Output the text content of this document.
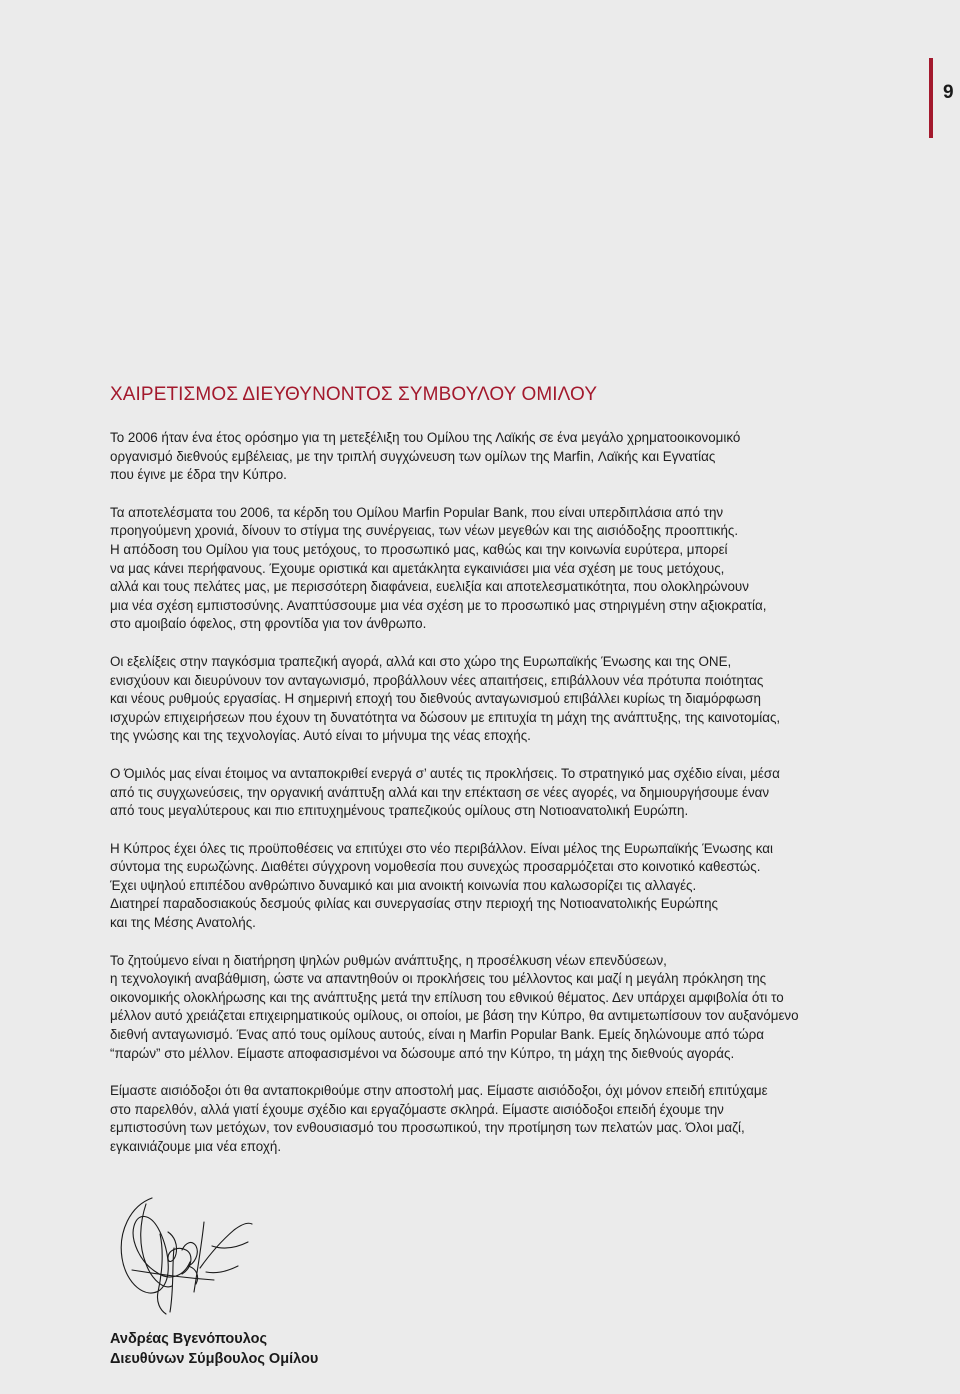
9
ΧΑΙΡΕΤΙΣΜΟΣ ΔΙΕΥΘΥΝΟΝΤΟΣ ΣΥΜΒΟΥΛΟΥ ΟΜΙΛΟΥ

Το 2006 ήταν ένα έτος ορόσημο για τη μετεξέλιξη του Ομίλου της Λαϊκής σε ένα μεγάλο χρηματοοικονομικό
οργανισμό διεθνούς εμβέλειας, με την τριπλή συγχώνευση των ομίλων της Marfin, Λαϊκής και Εγνατίας
που έγινε με έδρα την Κύπρο.

Τα αποτελέσματα του 2006, τα κέρδη του Ομίλου Marfin Popular Bank, που είναι υπερδιπλάσια από την
προηγούμενη χρονιά, δίνουν το στίγμα της συνέργειας, των νέων μεγεθών και της αισιόδοξης προοπτικής.
Η απόδοση του Ομίλου για τους μετόχους, το προσωπικό μας, καθώς και την κοινωνία ευρύτερα, μπορεί
να μας κάνει περήφανους. Έχουμε οριστικά και αμετάκλητα εγκαινιάσει μια νέα σχέση με τους μετόχους,
αλλά και τους πελάτες μας, με περισσότερη διαφάνεια, ευελιξία και αποτελεσματικότητα, που ολοκληρώνουν
μια νέα σχέση εμπιστοσύνης. Αναπτύσσουμε μια νέα σχέση με το προσωπικό μας στηριγμένη στην αξιοκρατία,
στο αμοιβαίο όφελος, στη φροντίδα για τον άνθρωπο.

Οι εξελίξεις στην παγκόσμια τραπεζική αγορά, αλλά και στο χώρο της Ευρωπαϊκής Ένωσης και της ΟΝΕ,
ενισχύουν και διευρύνουν τον ανταγωνισμό, προβάλλουν νέες απαιτήσεις, επιβάλλουν νέα πρότυπα ποιότητας
και νέους ρυθμούς εργασίας. Η σημερινή εποχή του διεθνούς ανταγωνισμού επιβάλλει κυρίως τη διαμόρφωση
ισχυρών επιχειρήσεων που έχουν τη δυνατότητα να δώσουν με επιτυχία τη μάχη της ανάπτυξης, της καινοτομίας,
της γνώσης και της τεχνολογίας. Αυτό είναι το μήνυμα της νέας εποχής.

Ο Όμιλός μας είναι έτοιμος να ανταποκριθεί ενεργά σ’ αυτές τις προκλήσεις. Το στρατηγικό μας σχέδιο είναι, μέσα
από τις συγχωνεύσεις, την οργανική ανάπτυξη αλλά και την επέκταση σε νέες αγορές, να δημιουργήσουμε έναν
από τους μεγαλύτερους και πιο επιτυχημένους τραπεζικούς ομίλους στη Νοτιοανατολική Ευρώπη.

Η Κύπρος έχει όλες τις προϋποθέσεις να επιτύχει στο νέο περιβάλλον. Είναι μέλος της Ευρωπαϊκής Ένωσης και
σύντομα της ευρωζώνης. Διαθέτει σύγχρονη νομοθεσία που συνεχώς προσαρμόζεται στο κοινοτικό καθεστώς.
Έχει υψηλού επιπέδου ανθρώπινο δυναμικό και μια ανοικτή κοινωνία που καλωσορίζει τις αλλαγές.
Διατηρεί παραδοσιακούς δεσμούς φιλίας και συνεργασίας στην περιοχή της Νοτιοανατολικής Ευρώπης
και της Μέσης Ανατολής.

Το ζητούμενο είναι η διατήρηση ψηλών ρυθμών ανάπτυξης, η προσέλκυση νέων επενδύσεων,
η τεχνολογική αναβάθμιση, ώστε να απαντηθούν οι προκλήσεις του μέλλοντος και μαζί η μεγάλη πρόκληση της
οικονομικής ολοκλήρωσης και της ανάπτυξης μετά την επίλυση του εθνικού θέματος. Δεν υπάρχει αμφιβολία ότι το
μέλλον αυτό χρειάζεται επιχειρηματικούς ομίλους, οι οποίοι, με βάση την Κύπρο, θα αντιμετωπίσουν τον αυξανόμενο
διεθνή ανταγωνισμό. Ένας από τους ομίλους αυτούς, είναι η Marfin Popular Bank. Εμείς δηλώνουμε από τώρα
“παρών” στο μέλλον. Είμαστε αποφασισμένοι να δώσουμε από την Κύπρο, τη μάχη της διεθνούς αγοράς.

Είμαστε αισιόδοξοι ότι θα ανταποκριθούμε στην αποστολή μας. Είμαστε αισιόδοξοι, όχι μόνον επειδή επιτύχαμε
στο παρελθόν, αλλά γιατί έχουμε σχέδιο και εργαζόμαστε σκληρά. Είμαστε αισιόδοξοι επειδή έχουμε την
εμπιστοσύνη των μετόχων, τον ενθουσιασμό του προσωπικού, την προτίμηση των πελατών μας. Όλοι μαζί,
εγκαινιάζουμε μια νέα εποχή.

Ανδρέας Βγενόπουλος
Διευθύνων Σύμβουλος Ομίλου
